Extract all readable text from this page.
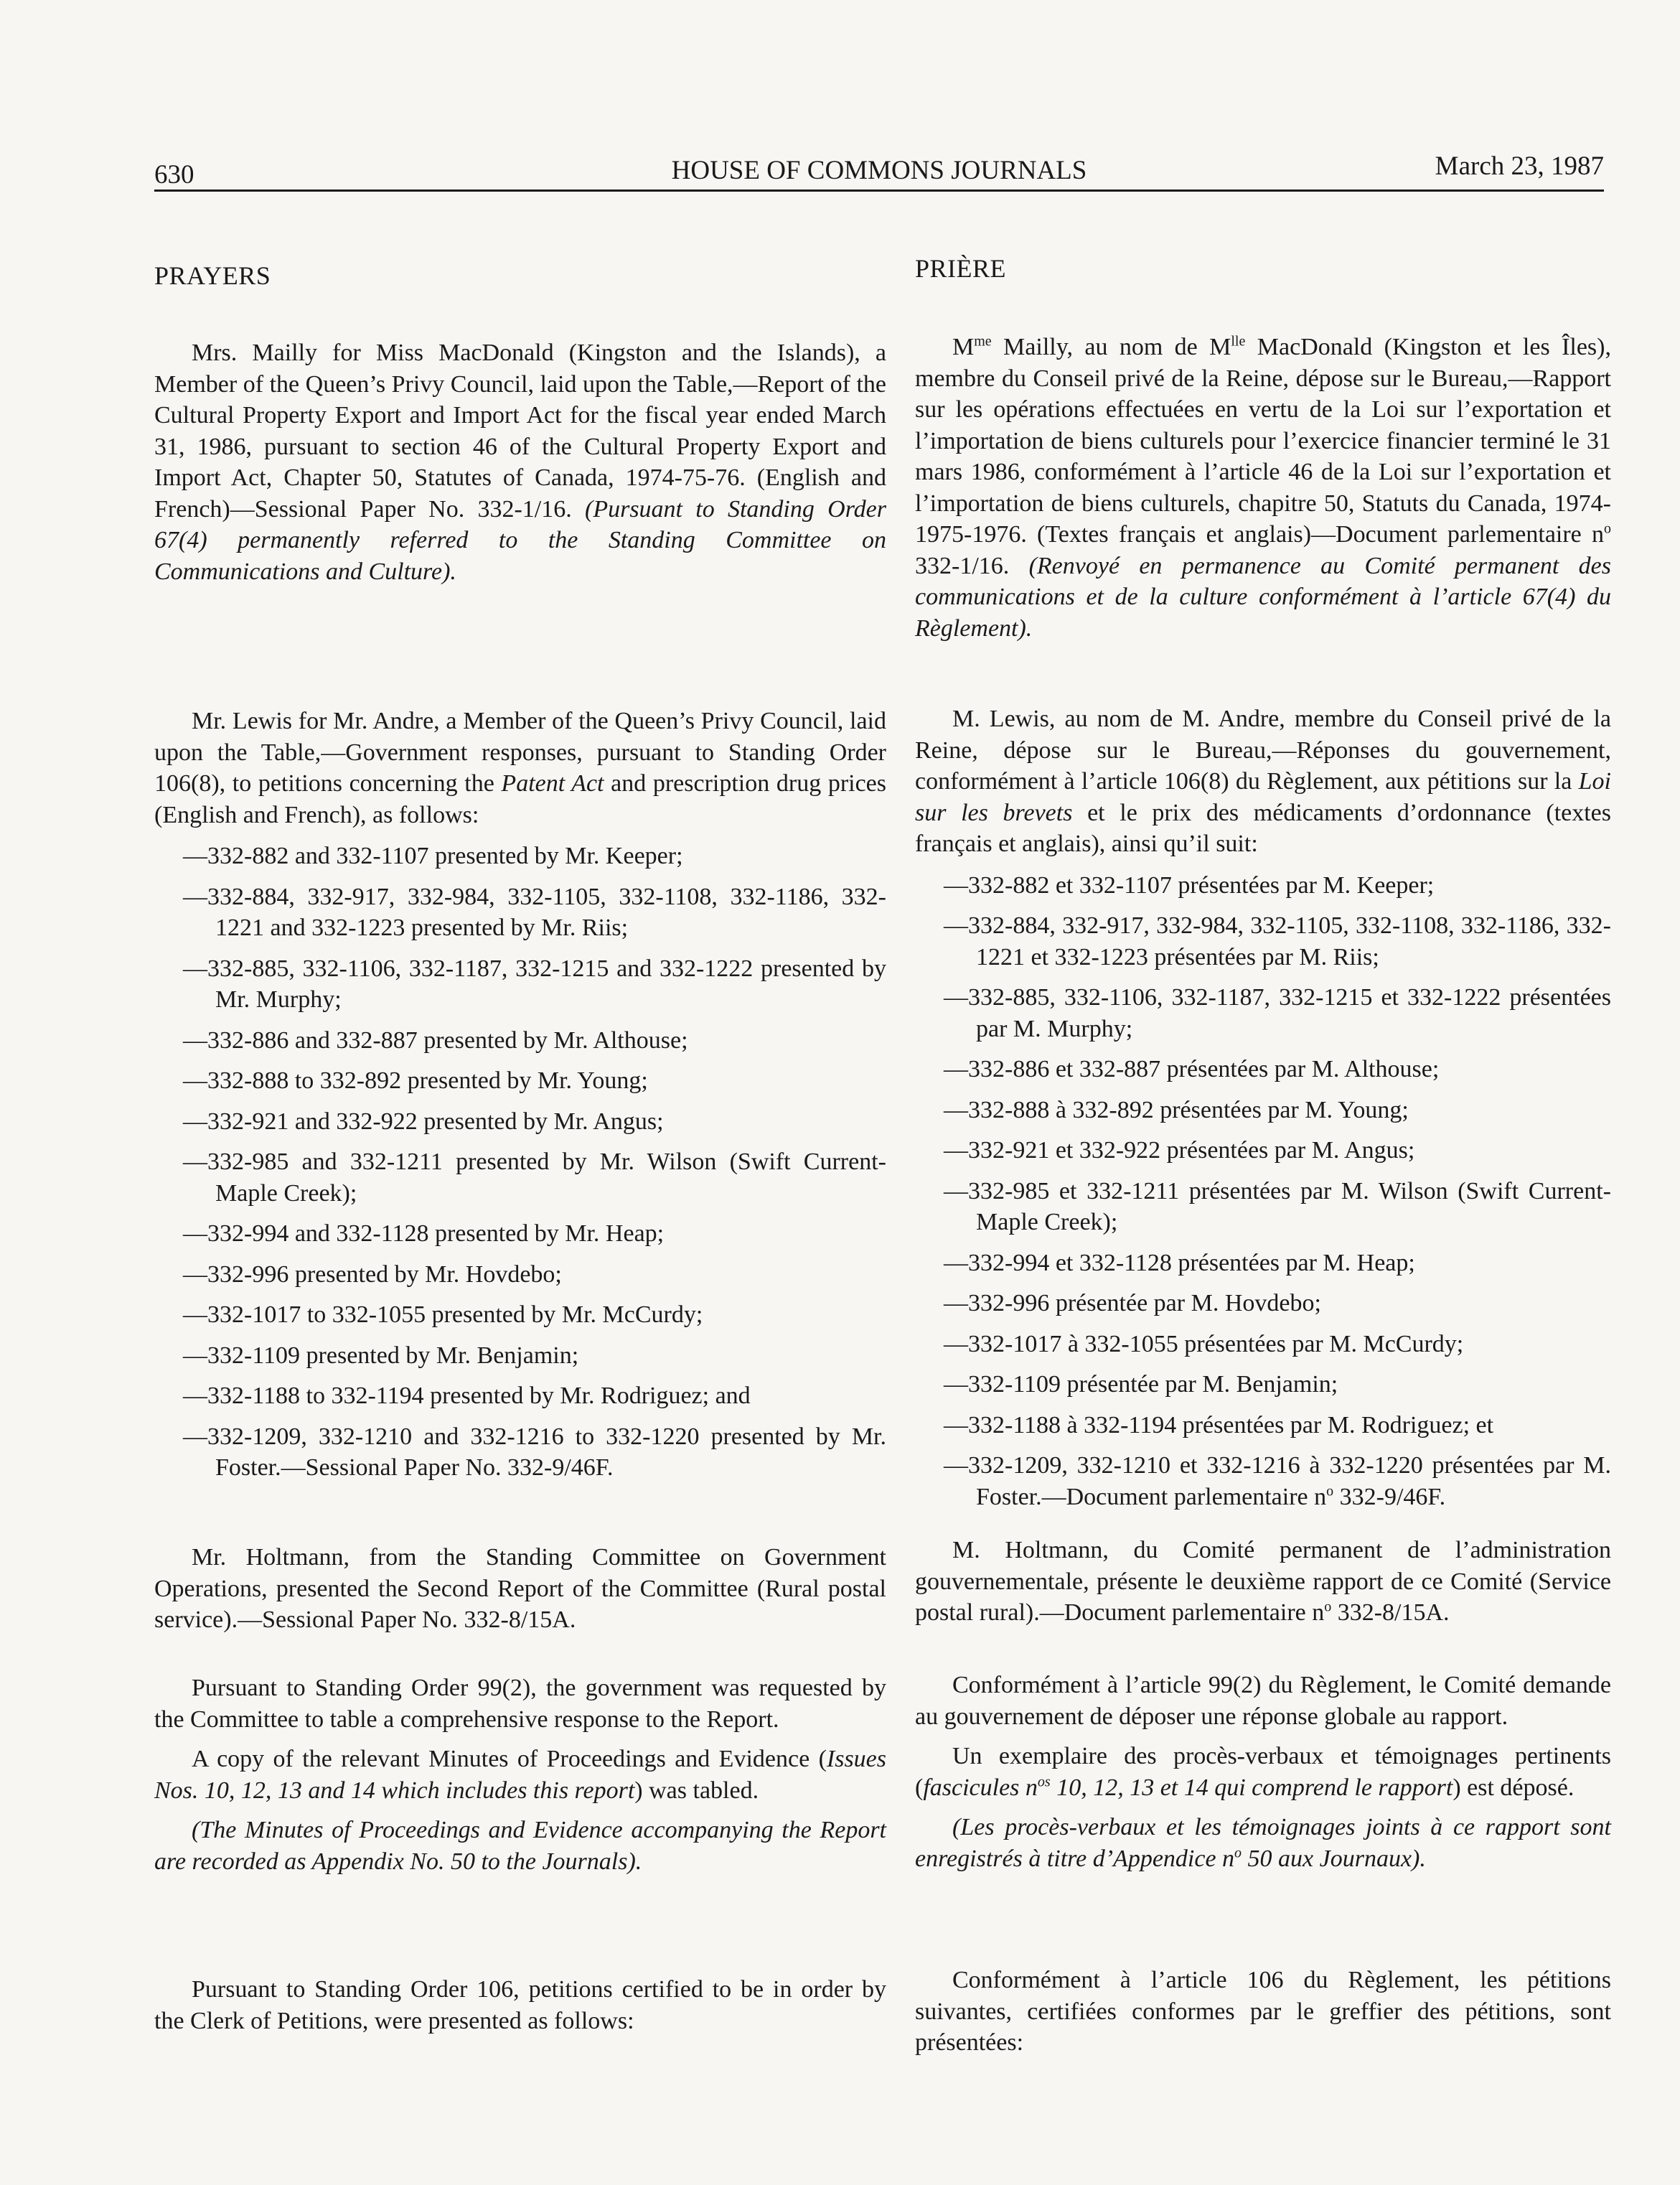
630	HOUSE OF COMMONS JOURNALS	March 23, 1987
PRAYERS

Mrs. Mailly for Miss MacDonald (Kingston and the Islands), a Member of the Queen’s Privy Council, laid upon the Table,—Report of the Cultural Property Export and Import Act for the fiscal year ended March 31, 1986, pursuant to section 46 of the Cultural Property Export and Import Act, Chapter 50, Statutes of Canada, 1974-75-76. (English and French)—Sessional Paper No. 332-1/16. (Pursuant to Standing Order 67(4) permanently referred to the Standing Committee on Communications and Culture).

Mr. Lewis for Mr. Andre, a Member of the Queen’s Privy Council, laid upon the Table,—Government responses, pursuant to Standing Order 106(8), to petitions concerning the Patent Act and prescription drug prices (English and French), as follows:

—332-882 and 332-1107 presented by Mr. Keeper;
—332-884, 332-917, 332-984, 332-1105, 332-1108, 332-1186, 332-1221 and 332-1223 presented by Mr. Riis;
—332-885, 332-1106, 332-1187, 332-1215 and 332-1222 presented by Mr. Murphy;
—332-886 and 332-887 presented by Mr. Althouse;
—332-888 to 332-892 presented by Mr. Young;
—332-921 and 332-922 presented by Mr. Angus;
—332-985 and 332-1211 presented by Mr. Wilson (Swift Current-Maple Creek);
—332-994 and 332-1128 presented by Mr. Heap;
—332-996 presented by Mr. Hovdebo;
—332-1017 to 332-1055 presented by Mr. McCurdy;
—332-1109 presented by Mr. Benjamin;
—332-1188 to 332-1194 presented by Mr. Rodriguez; and
—332-1209, 332-1210 and 332-1216 to 332-1220 presented by Mr. Foster.—Sessional Paper No. 332-9/46F.

Mr. Holtmann, from the Standing Committee on Government Operations, presented the Second Report of the Committee (Rural postal service).—Sessional Paper No. 332-8/15A.

Pursuant to Standing Order 99(2), the government was requested by the Committee to table a comprehensive response to the Report.

A copy of the relevant Minutes of Proceedings and Evidence (Issues Nos. 10, 12, 13 and 14 which includes this report) was tabled.

(The Minutes of Proceedings and Evidence accompanying the Report are recorded as Appendix No. 50 to the Journals).

Pursuant to Standing Order 106, petitions certified to be in order by the Clerk of Petitions, were presented as follows:

PRIÈRE

$M^{me}$ Mailly, au nom de $M^{lle}$ MacDonald (Kingston et les Îles), membre du Conseil privé de la Reine, dépose sur le Bureau,—Rapport sur les opérations effectuées en vertu de la Loi sur l’exportation et l’importation de biens culturels pour l’exercice financier terminé le 31 mars 1986, conformément à l’article 46 de la Loi sur l’exportation et l’importation de biens culturels, chapitre 50, Statuts du Canada, 1974-1975-1976. (Textes français et anglais)—Document parlementaire $n^o$ 332-1/16. (Renvoyé en permanence au Comité permanent des communications et de la culture conformément à l’article 67(4) du Règlement).

M. Lewis, au nom de M. Andre, membre du Conseil privé de la Reine, dépose sur le Bureau,—Réponses du gouvernement, conformément à l’article 106(8) du Règlement, aux pétitions sur la Loi sur les brevets et le prix des médicaments d’ordonnance (textes français et anglais), ainsi qu’il suit:

—332-882 et 332-1107 présentées par M. Keeper;
—332-884, 332-917, 332-984, 332-1105, 332-1108, 332-1186, 332-1221 et 332-1223 présentées par M. Riis;
—332-885, 332-1106, 332-1187, 332-1215 et 332-1222 présentées par M. Murphy;
—332-886 et 332-887 présentées par M. Althouse;
—332-888 à 332-892 présentées par M. Young;
—332-921 et 332-922 présentées par M. Angus;
—332-985 et 332-1211 présentées par M. Wilson (Swift Current-Maple Creek);
—332-994 et 332-1128 présentées par M. Heap;
—332-996 présentée par M. Hovdebo;
—332-1017 à 332-1055 présentées par M. McCurdy;
—332-1109 présentée par M. Benjamin;
—332-1188 à 332-1194 présentées par M. Rodriguez; et
—332-1209, 332-1210 et 332-1216 à 332-1220 présentées par M. Foster.—Document parlementaire $n^o$ 332-9/46F.

M. Holtmann, du Comité permanent de l’administration gouvernementale, présente le deuxième rapport de ce Comité (Service postal rural).—Document parlementaire $n^o$ 332-8/15A.

Conformément à l’article 99(2) du Règlement, le Comité demande au gouvernement de déposer une réponse globale au rapport.

Un exemplaire des procès-verbaux et témoignages pertinents (fascicules $n^{os}$ 10, 12, 13 et 14 qui comprend le rapport) est déposé.

(Les procès-verbaux et les témoignages joints à ce rapport sont enregistrés à titre d’Appendice $n^o$ 50 aux Journaux).

Conformément à l’article 106 du Règlement, les pétitions suivantes, certifiées conformes par le greffier des pétitions, sont présentées:
